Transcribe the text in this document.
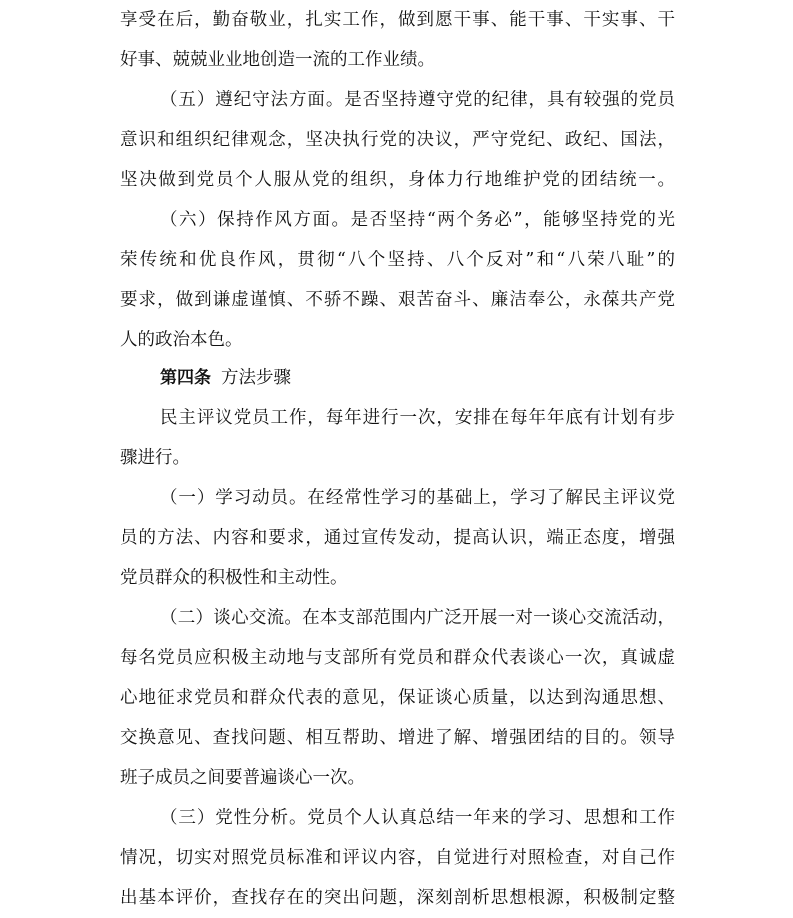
享受在后，勤奋敬业，扎实工作，做到愿干事、能干事、干实事、干
好事、兢兢业业地创造一流的工作业绩。
（五）遵纪守法方面。是否坚持遵守党的纪律，具有较强的党员
意识和组织纪律观念，坚决执行党的决议，严守党纪、政纪、国法，
坚决做到党员个人服从党的组织，身体力行地维护党的团结统一。
（六）保持作风方面。是否坚持“两个务必”，能够坚持党的光
荣传统和优良作风，贯彻“八个坚持、八个反对”和“八荣八耻”的
要求，做到谦虚谨慎、不骄不躁、艰苦奋斗、廉洁奉公，永葆共产党
人的政治本色。
第四条 方法步骤
民主评议党员工作，每年进行一次，安排在每年年底有计划有步
骤进行。
（一）学习动员。在经常性学习的基础上，学习了解民主评议党
员的方法、内容和要求，通过宣传发动，提高认识，端正态度，增强
党员群众的积极性和主动性。
（二）谈心交流。在本支部范围内广泛开展一对一谈心交流活动，
每名党员应积极主动地与支部所有党员和群众代表谈心一次，真诚虚
心地征求党员和群众代表的意见，保证谈心质量，以达到沟通思想、
交换意见、查找问题、相互帮助、增进了解、增强团结的目的。领导
班子成员之间要普遍谈心一次。
（三）党性分析。党员个人认真总结一年来的学习、思想和工作
情况，切实对照党员标准和评议内容，自觉进行对照检查，对自己作
出基本评价，查找存在的突出问题，深刻剖析思想根源，积极制定整
